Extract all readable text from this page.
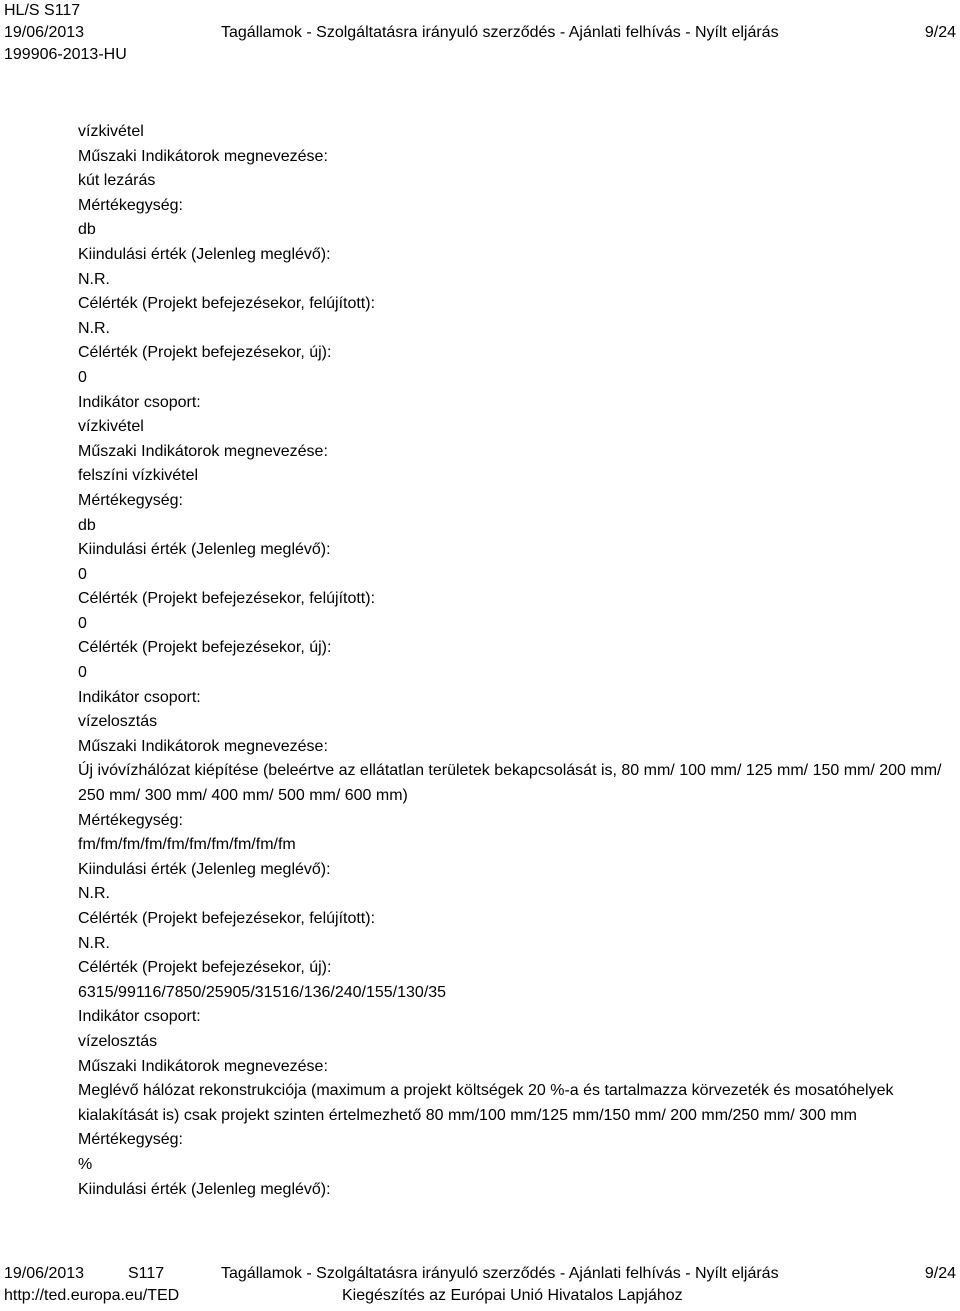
HL/S S117
19/06/2013	Tagállamok - Szolgáltatásra irányuló szerződés - Ajánlati felhívás - Nyílt eljárás	9/24
199906-2013-HU
vízkivétel
Műszaki Indikátorok megnevezése:
kút lezárás
Mértékegység:
db
Kiindulási érték (Jelenleg meglévő):
N.R.
Célérték (Projekt befejezésekor, felújított):
N.R.
Célérték (Projekt befejezésekor, új):
0
Indikátor csoport:
vízkivétel
Műszaki Indikátorok megnevezése:
felszíni vízkivétel
Mértékegység:
db
Kiindulási érték (Jelenleg meglévő):
0
Célérték (Projekt befejezésekor, felújított):
0
Célérték (Projekt befejezésekor, új):
0
Indikátor csoport:
vízelosztás
Műszaki Indikátorok megnevezése:
Új ivóvízhálózat kiépítése (beleértve az ellátatlan területek bekapcsolását is, 80 mm/ 100 mm/ 125 mm/ 150 mm/ 200 mm/ 250 mm/ 300 mm/ 400 mm/ 500 mm/ 600 mm)
Mértékegység:
fm/fm/fm/fm/fm/fm/fm/fm/fm/fm
Kiindulási érték (Jelenleg meglévő):
N.R.
Célérték (Projekt befejezésekor, felújított):
N.R.
Célérték (Projekt befejezésekor, új):
6315/99116/7850/25905/31516/136/240/155/130/35
Indikátor csoport:
vízelosztás
Műszaki Indikátorok megnevezése:
Meglévő hálózat rekonstrukciója (maximum a projekt költségek 20 %-a és tartalmazza körvezeték és mosatóhelyek kialakítását is) csak projekt szinten értelmezhető 80 mm/100 mm/125 mm/150 mm/ 200 mm/250 mm/ 300 mm
Mértékegység:
%
Kiindulási érték (Jelenleg meglévő):
19/06/2013	S117	Tagállamok - Szolgáltatásra irányuló szerződés - Ajánlati felhívás - Nyílt eljárás	9/24
http://ted.europa.eu/TED	Kiegészítés az Európai Unió Hivatalos Lapjához
